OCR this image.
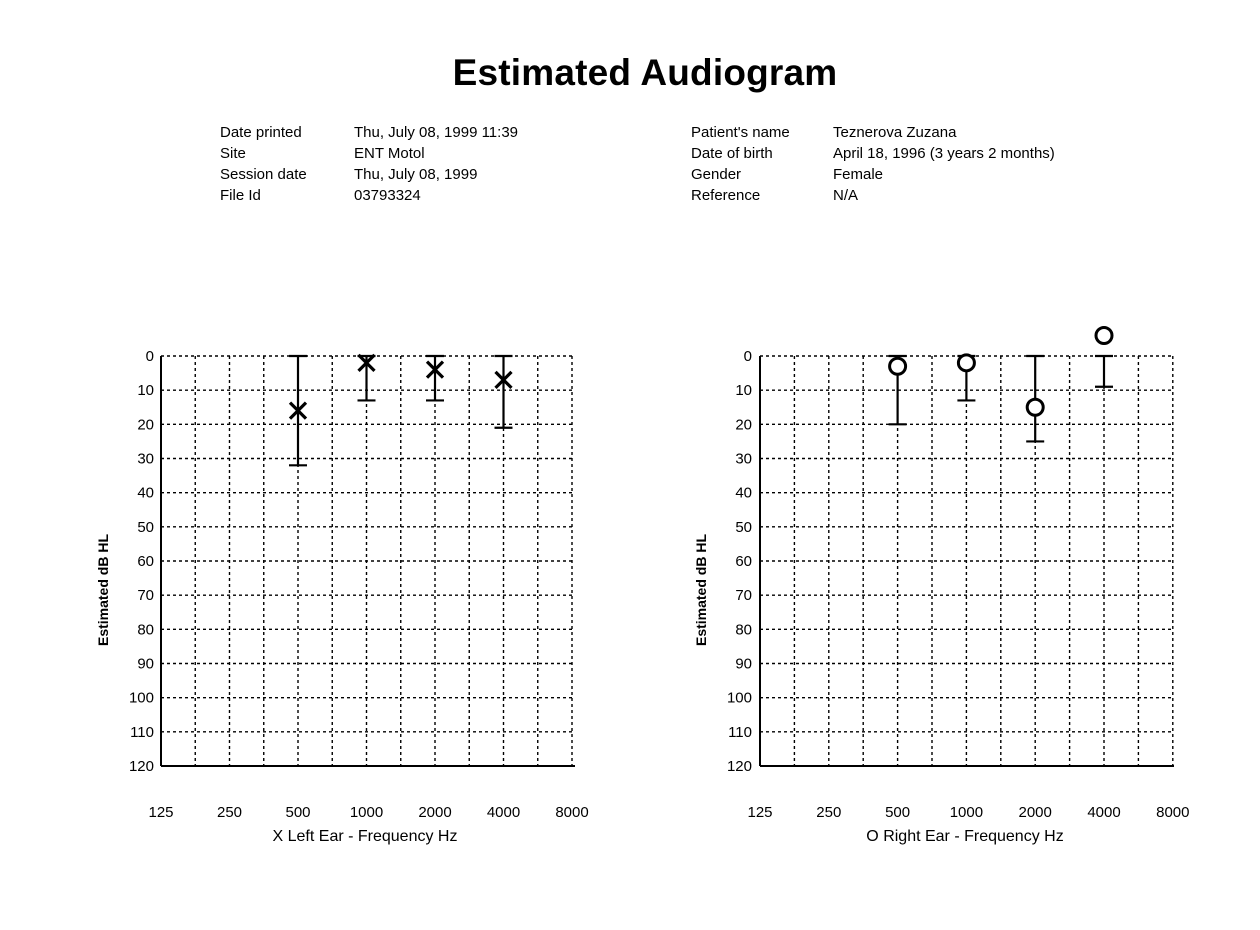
Estimated Audiogram
Date printed	Thu, July 08, 1999 11:39
Site	ENT Motol
Session date	Thu, July 08, 1999
File Id	03793324
Patient's name	Teznerova Zuzana
Date of birth	April 18, 1996 (3 years 2 months)
Gender	Female
Reference	N/A
0
10
20
30
40
50
60
70
80
90
100
110
120
125	250	500	1000 2000 4000 8000
Estimated dB HL
X Left Ear - Frequency Hz
0
10
20
30
40
50
60
70
80
90
100
110
120
125	250	500	1000 2000 4000 8000
Estimated dB HL
O Right Ear - Frequency Hz
